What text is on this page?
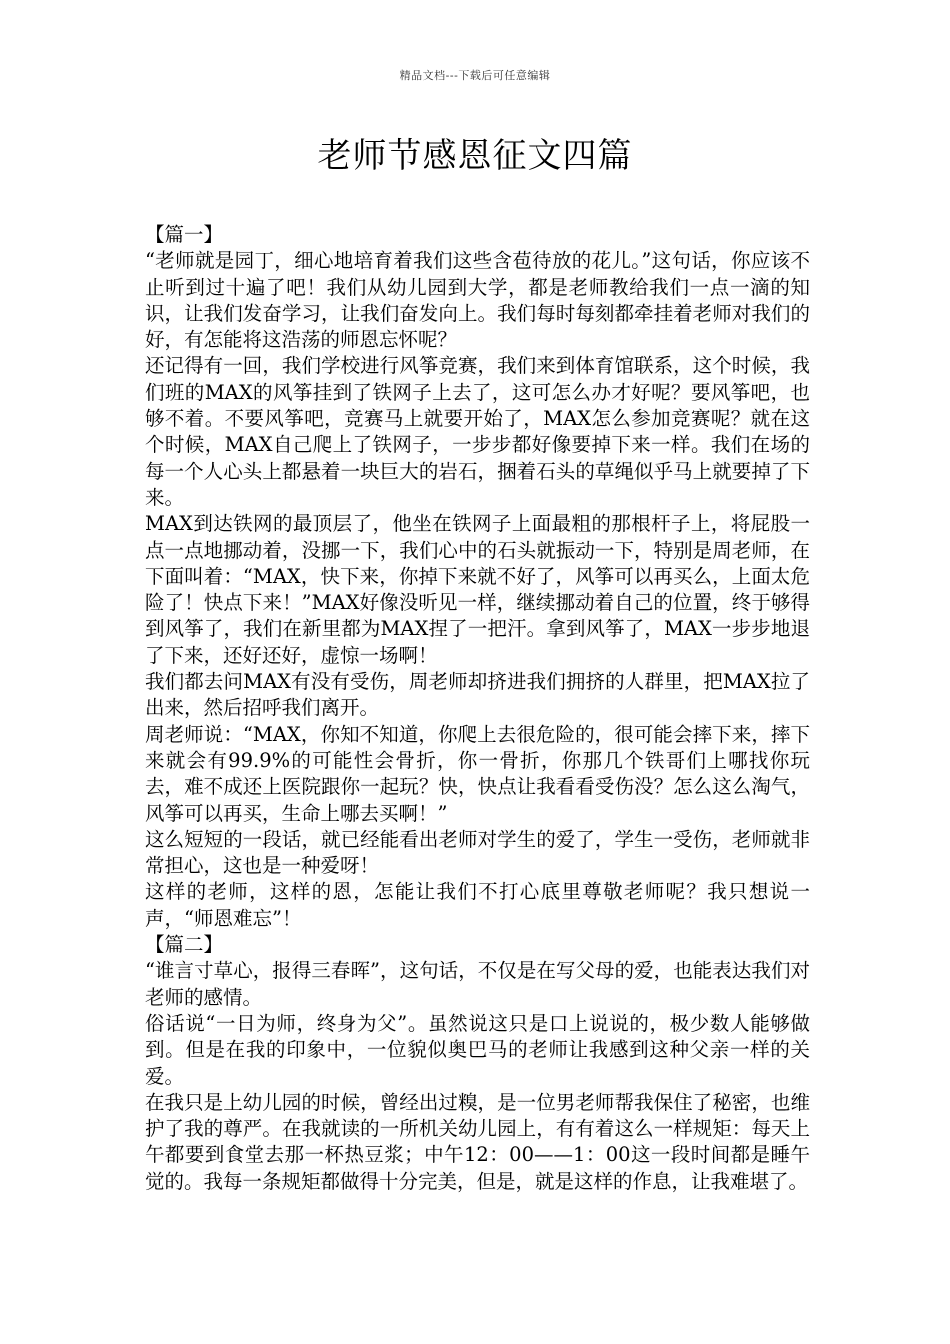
精品文档---下载后可任意编辑
老师节感恩征文四篇

【篇一】

“老师就是园丁，细心地培育着我们这些含苞待放的花儿。”这句话，你应该不止听到过十遍了吧！我们从幼儿园到大学，都是老师教给我们一点一滴的知识，让我们发奋学习，让我们奋发向上。我们每时每刻都牵挂着老师对我们的好，有怎能将这浩荡的师恩忘怀呢？

还记得有一回，我们学校进行风筝竞赛，我们来到体育馆联系，这个时候，我们班的MAX的风筝挂到了铁网子上去了，这可怎么办才好呢？要风筝吧，也够不着。不要风筝吧，竞赛马上就要开始了，MAX怎么参加竞赛呢？就在这个时候，MAX自己爬上了铁网子，一步步都好像要掉下来一样。我们在场的每一个人心头上都悬着一块巨大的岩石，捆着石头的草绳似乎马上就要掉了下来。

MAX到达铁网的最顶层了，他坐在铁网子上面最粗的那根杆子上，将屁股一点一点地挪动着，没挪一下，我们心中的石头就振动一下，特别是周老师，在下面叫着：“MAX，快下来，你掉下来就不好了，风筝可以再买么，上面太危险了！快点下来！”MAX好像没听见一样，继续挪动着自己的位置，终于够得到风筝了，我们在新里都为MAX捏了一把汗。拿到风筝了，MAX一步步地退了下来，还好还好，虚惊一场啊！

我们都去问MAX有没有受伤，周老师却挤进我们拥挤的人群里，把MAX拉了出来，然后招呼我们离开。

周老师说：“MAX，你知不知道，你爬上去很危险的，很可能会摔下来，摔下来就会有99.9%的可能性会骨折，你一骨折，你那几个铁哥们上哪找你玩去，难不成还上医院跟你一起玩？快，快点让我看看受伤没？怎么这么淘气，风筝可以再买，生命上哪去买啊！”

这么短短的一段话，就已经能看出老师对学生的爱了，学生一受伤，老师就非常担心，这也是一种爱呀！

这样的老师，这样的恩，怎能让我们不打心底里尊敬老师呢？我只想说一声，“师恩难忘”！

【篇二】

“谁言寸草心，报得三春晖”，这句话，不仅是在写父母的爱，也能表达我们对老师的感情。

俗话说“一日为师，终身为父”。虽然说这只是口上说说的，极少数人能够做到。但是在我的印象中，一位貌似奥巴马的老师让我感到这种父亲一样的关爱。

在我只是上幼儿园的时候，曾经出过糗，是一位男老师帮我保住了秘密，也维护了我的尊严。在我就读的一所机关幼儿园上，有有着这么一样规矩：每天上午都要到食堂去那一杯热豆浆；中午12：00——1：00这一段时间都是睡午觉的。我每一条规矩都做得十分完美，但是，就是这样的作息，让我难堪了。
